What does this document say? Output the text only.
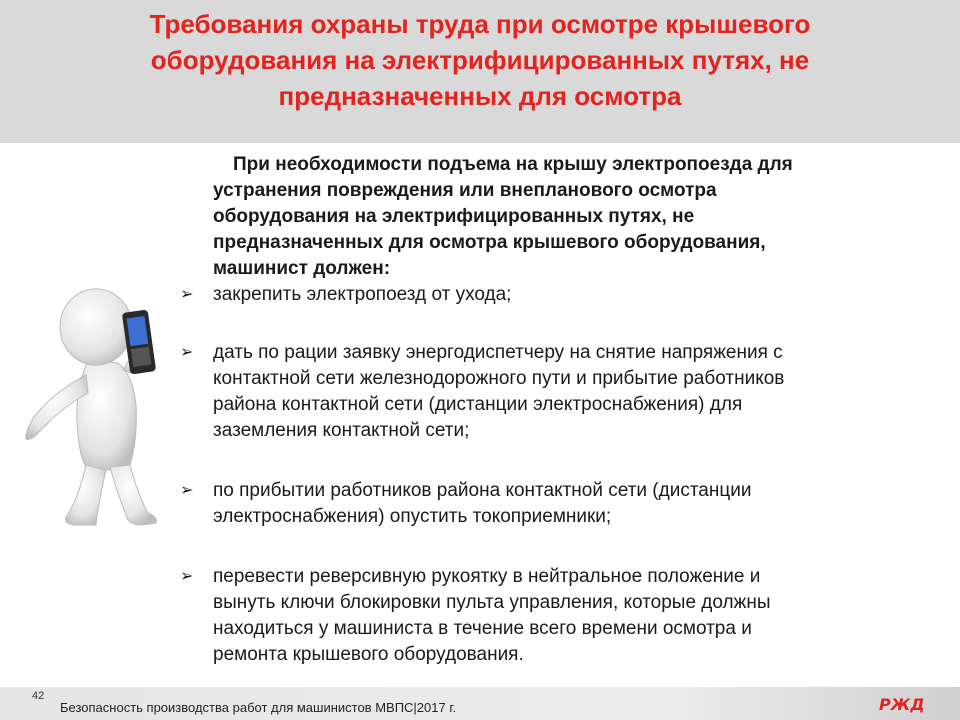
Требования охраны труда при осмотре крышевого
оборудования на электрифицированных путях, не
предназначенных для осмотра
При необходимости подъема на крышу электропоезда для
устранения повреждения или внепланового осмотра
оборудования на электрифицированных путях, не
предназначенных для осмотра крышевого оборудования,
машинист должен:
➢	закрепить электропоезд от ухода;
➢	дать по рации заявку энергодиспетчеру на снятие напряжения с
контактной сети железнодорожного пути и прибытие работников
района контактной сети (дистанции электроснабжения) для
заземления контактной сети;
➢	по прибытии работников района контактной сети (дистанции
электроснабжения) опустить токоприемники;
➢	перевести реверсивную рукоятку в нейтральное положение и
вынуть ключи блокировки пульта управления, которые должны
находиться у машиниста в течение всего времени осмотра и
ремонта крышевого оборудования.
42
Безопасность производства работ для машинистов МВПС|2017 г.	РЖД
